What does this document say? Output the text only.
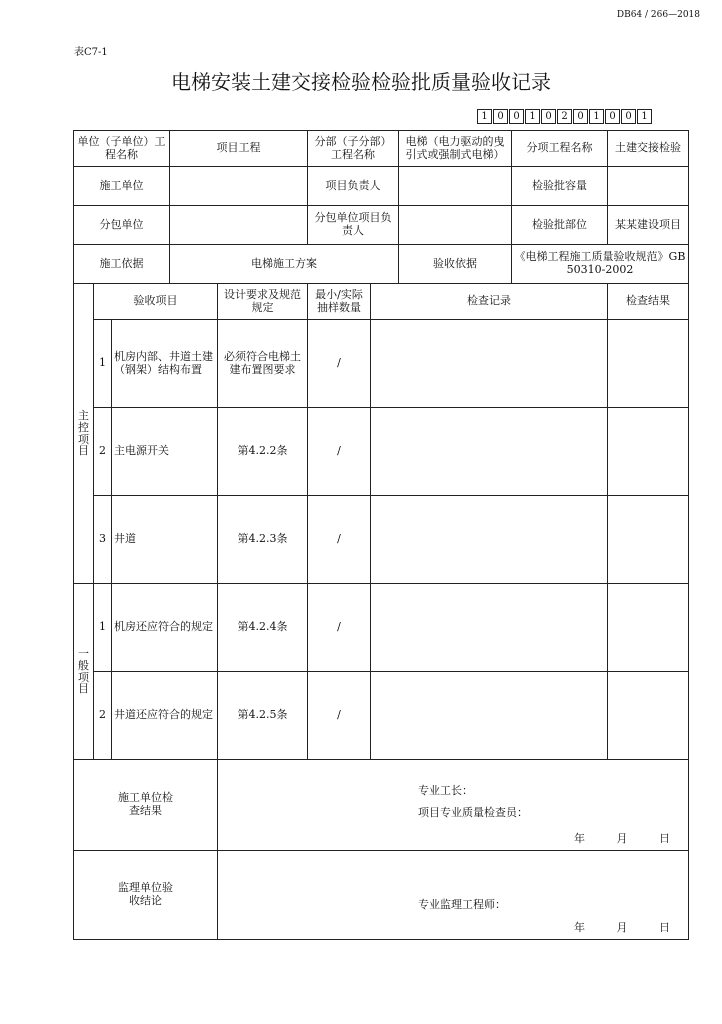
DB64 / 266—2018
表C7-1
电梯安装土建交接检验检验批质量验收记录
1 0 0 1 0 2 0 1 0 0 1
单位（子单位）工程名称			项目工程		分部（子分部）工程名称		电梯（电力驱动的曳引式或强制式电梯）	分项工程名称	土建交接检验
施工单位					项目负责人			检验批容量	
分包单位					分包单位项目负责人			检验批部位	某某建设项目
施工依据			电梯施工方案				验收依据	《电梯工程施工质量验收规范》GB 50310-2002	

主控项目	验收项目			设计要求及规范规定	最小/实际抽样数量	检查记录			检查结果
	1	机房内部、井道土建（钢架）结构布置		必须符合电梯土建布置图要求	/				
	2	主电源开关		第4.2.2条	/				
	3	井道		第4.2.3条	/				

一般项目	1	机房还应符合的规定		第4.2.4条	/				
	2	井道还应符合的规定		第4.2.5条	/				

施工单位检查结果				专业工长：
项目专业质量检查员：
年 月 日					

监理单位验收结论				专业监理工程师：
年 月 日					
